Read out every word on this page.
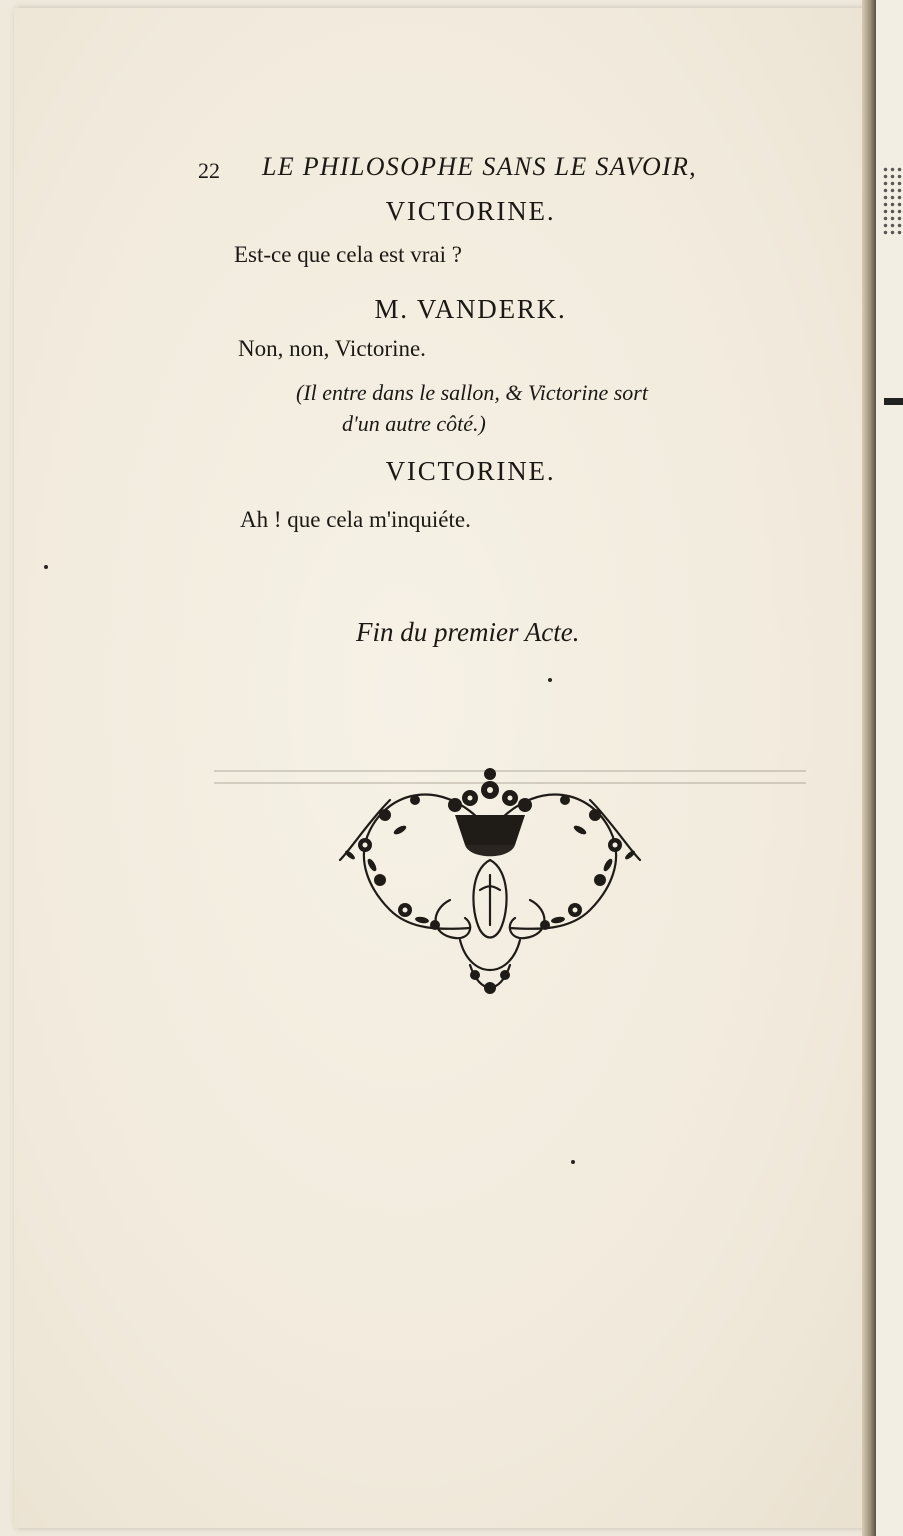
22 LE PHILOSOPHE SANS LE SAVOIR,
VICTORINE.
Est-ce que cela est vrai ?
M. VANDERK.
Non, non, Victorine.
(Il entre dans le sallon, & Victorine sort
d'un autre côté.)
VICTORINE.
Ah ! que cela m'inquiéte.
Fin du premier Acte.
